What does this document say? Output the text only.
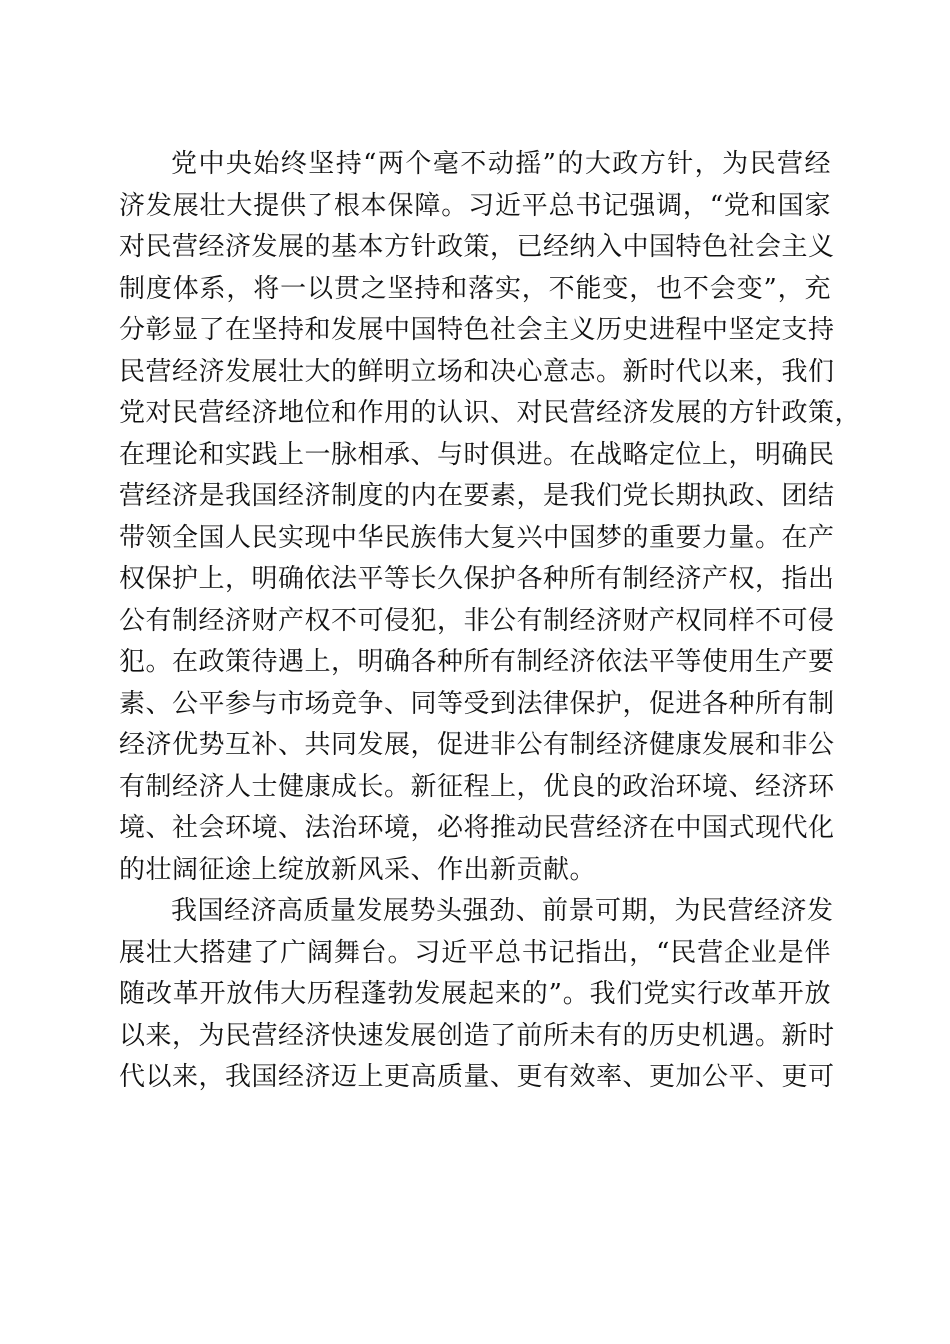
党中央始终坚持“两个毫不动摇”的大政方针，为民营经
济发展壮大提供了根本保障。习近平总书记强调，“党和国家
对民营经济发展的基本方针政策，已经纳入中国特色社会主义
制度体系，将一以贯之坚持和落实，不能变，也不会变”，充
分彰显了在坚持和发展中国特色社会主义历史进程中坚定支持
民营经济发展壮大的鲜明立场和决心意志。新时代以来，我们
党对民营经济地位和作用的认识、对民营经济发展的方针政策，
在理论和实践上一脉相承、与时俱进。在战略定位上，明确民
营经济是我国经济制度的内在要素，是我们党长期执政、团结
带领全国人民实现中华民族伟大复兴中国梦的重要力量。在产
权保护上，明确依法平等长久保护各种所有制经济产权，指出
公有制经济财产权不可侵犯，非公有制经济财产权同样不可侵
犯。在政策待遇上，明确各种所有制经济依法平等使用生产要
素、公平参与市场竞争、同等受到法律保护，促进各种所有制
经济优势互补、共同发展，促进非公有制经济健康发展和非公
有制经济人士健康成长。新征程上，优良的政治环境、经济环
境、社会环境、法治环境，必将推动民营经济在中国式现代化
的壮阔征途上绽放新风采、作出新贡献。
我国经济高质量发展势头强劲、前景可期，为民营经济发
展壮大搭建了广阔舞台。习近平总书记指出，“民营企业是伴
随改革开放伟大历程蓬勃发展起来的”。我们党实行改革开放
以来，为民营经济快速发展创造了前所未有的历史机遇。新时
代以来，我国经济迈上更高质量、更有效率、更加公平、更可
